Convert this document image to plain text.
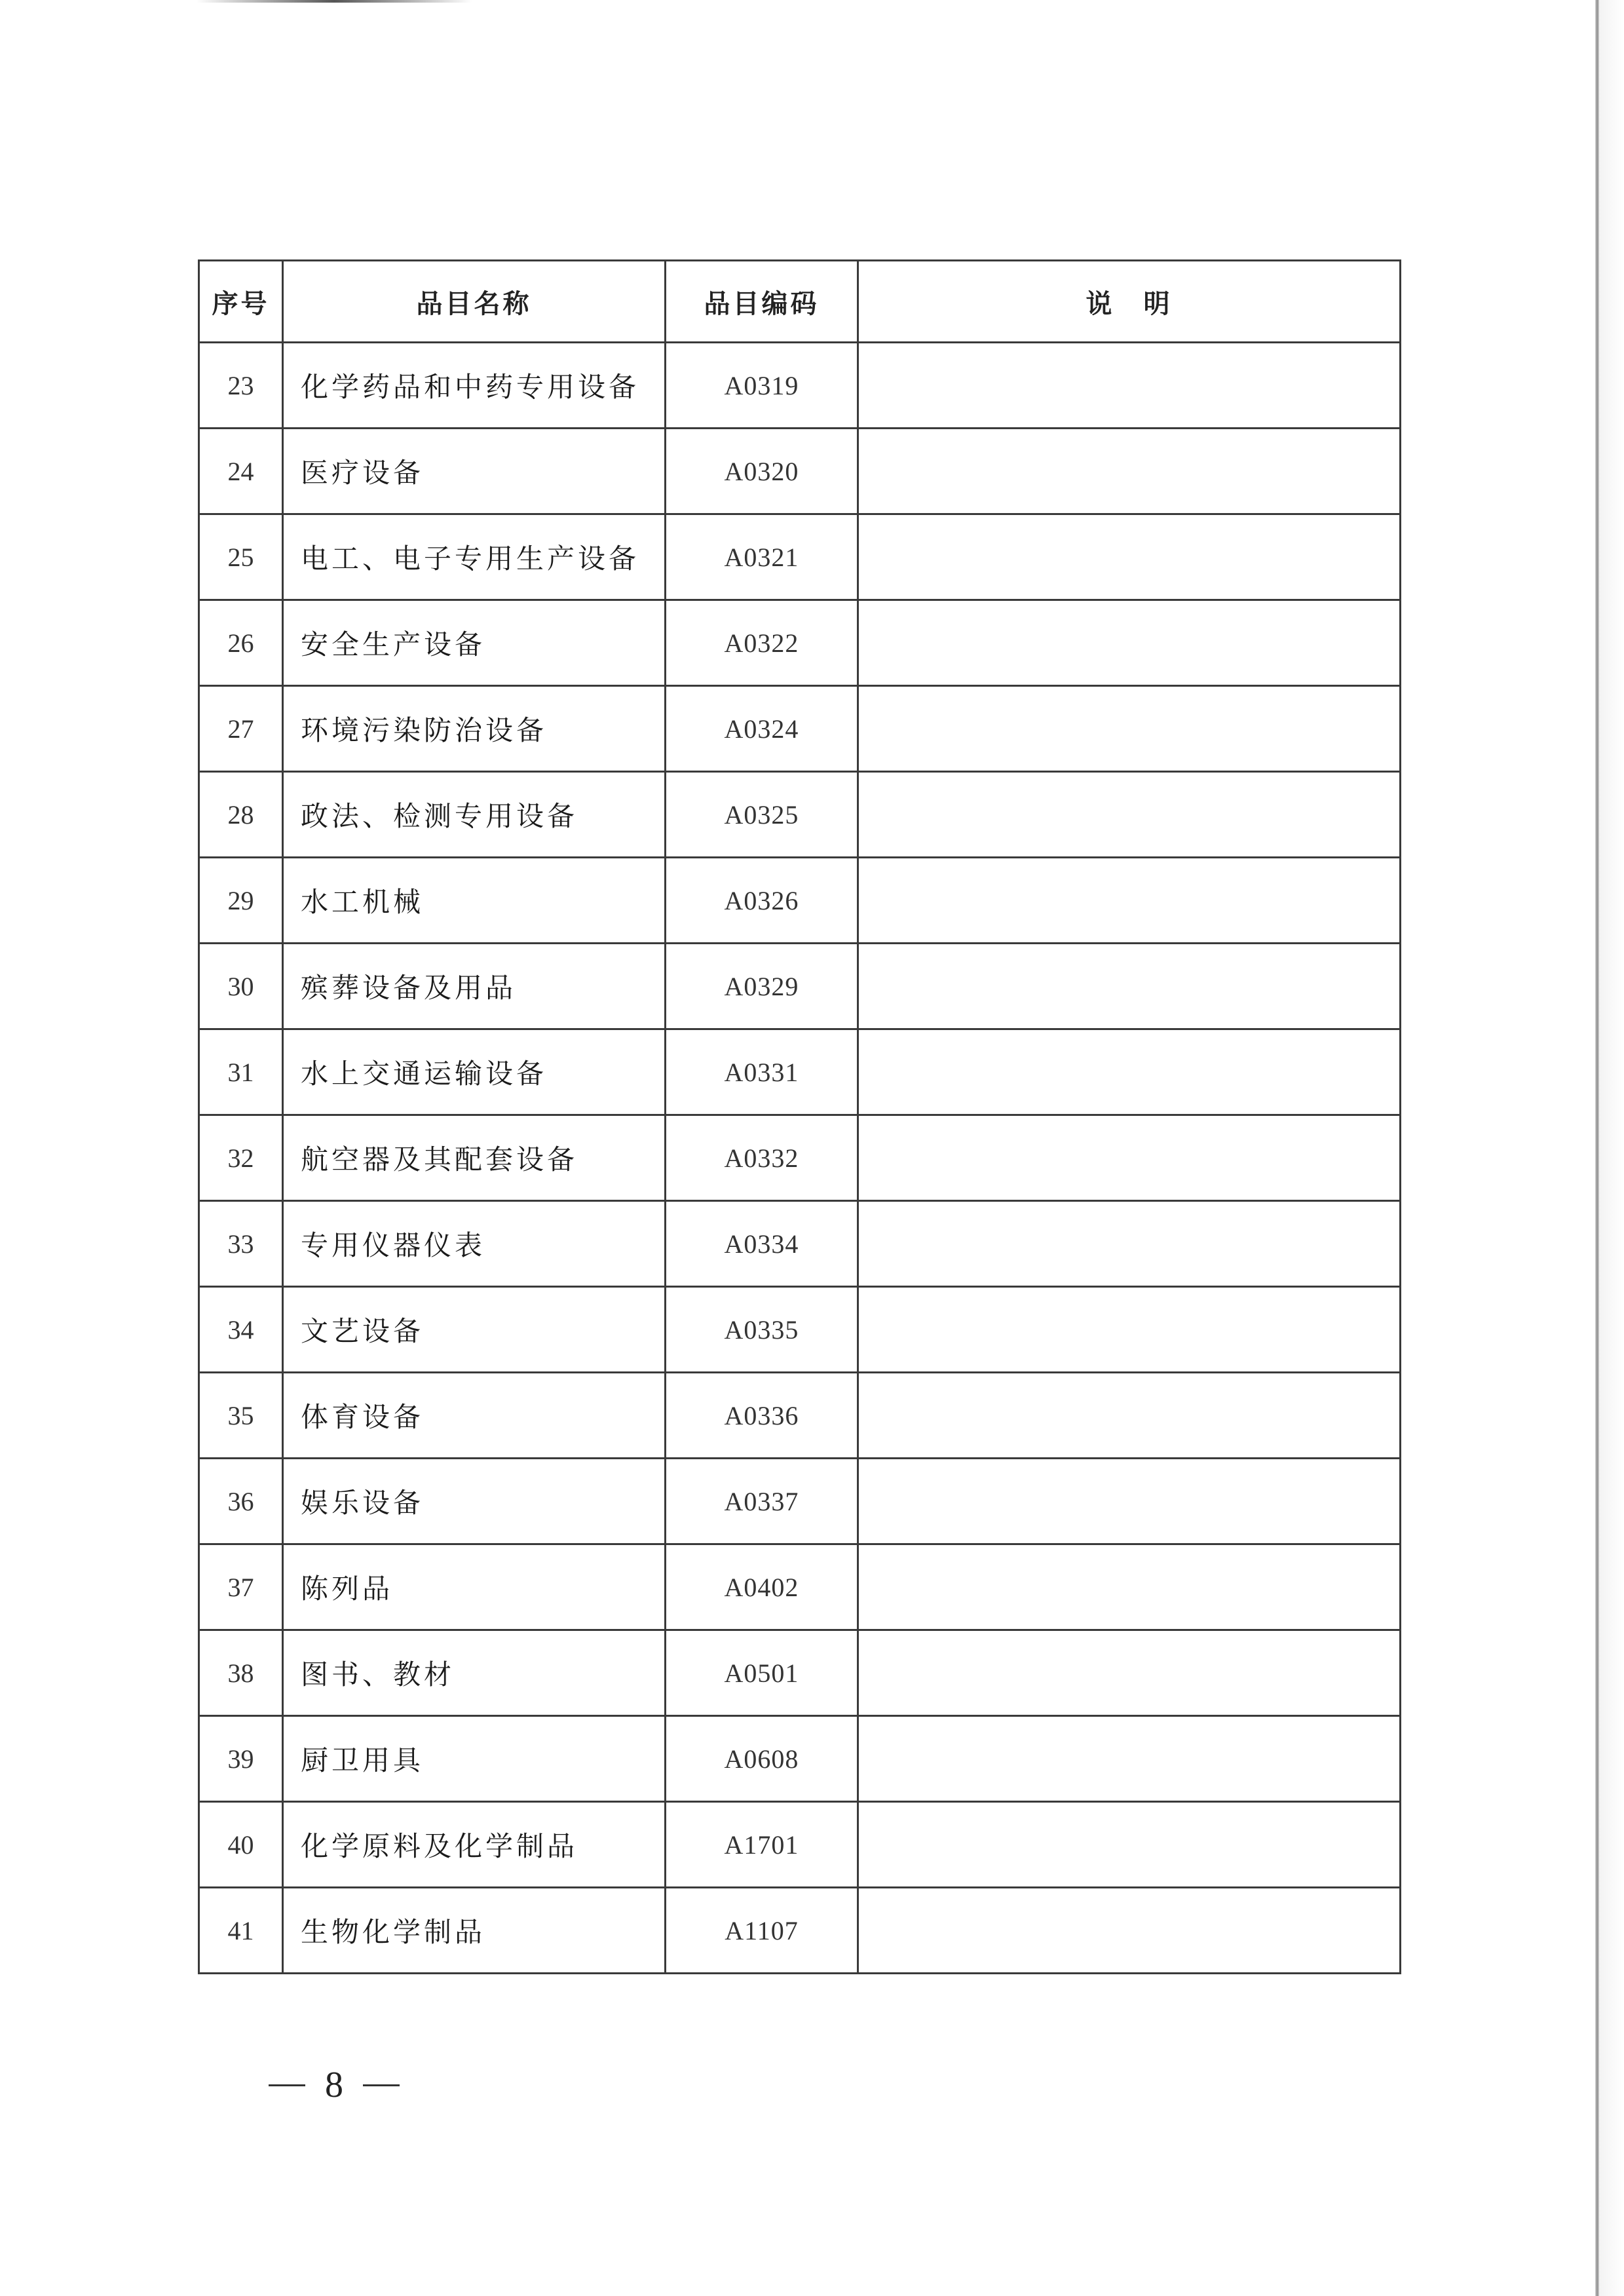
序号	品目名称	品目编码	说　明
23	化学药品和中药专用设备	A0319	
24	医疗设备	A0320	
25	电工、电子专用生产设备	A0321	
26	安全生产设备	A0322	
27	环境污染防治设备	A0324	
28	政法、检测专用设备	A0325	
29	水工机械	A0326	
30	殡葬设备及用品	A0329	
31	水上交通运输设备	A0331	
32	航空器及其配套设备	A0332	
33	专用仪器仪表	A0334	
34	文艺设备	A0335	
35	体育设备	A0336	
36	娱乐设备	A0337	
37	陈列品	A0402	
38	图书、教材	A0501	
39	厨卫用具	A0608	
40	化学原料及化学制品	A1701	
41	生物化学制品	A1107	
8
